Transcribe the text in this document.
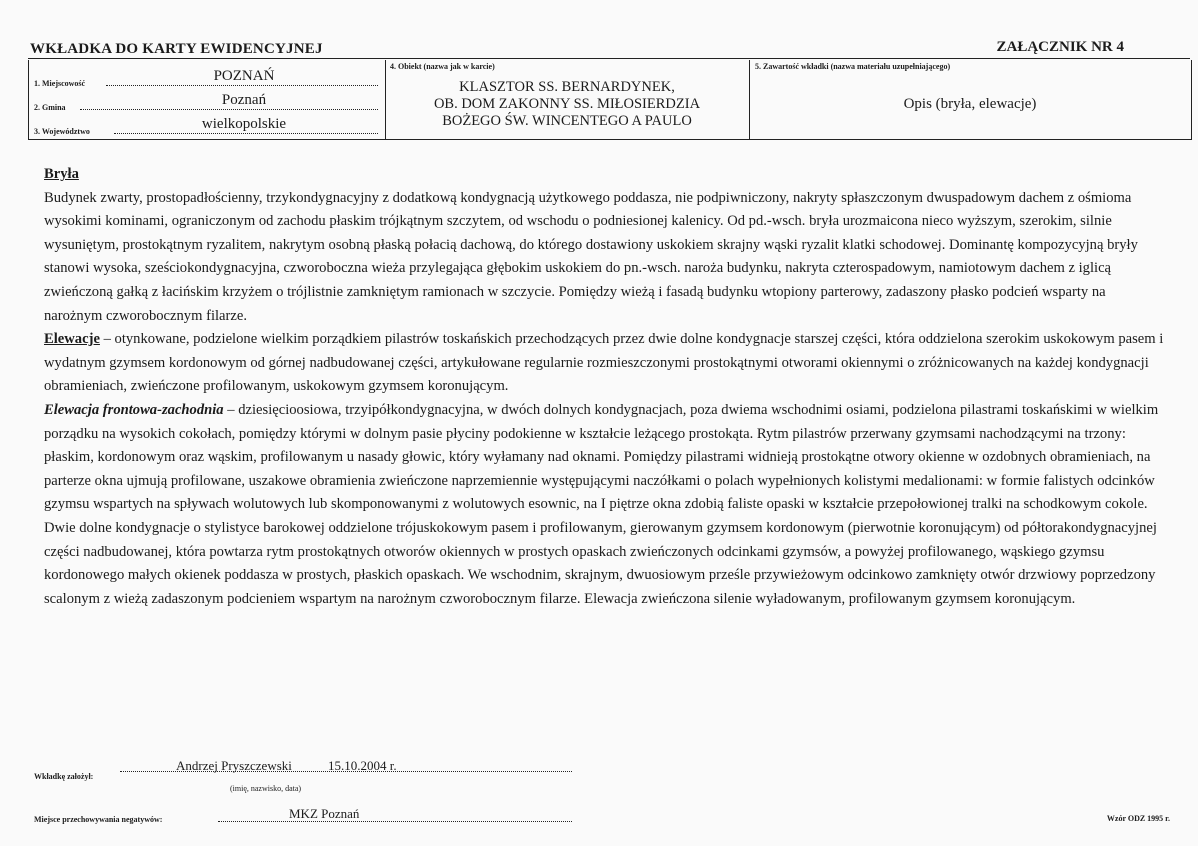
WKŁADKA DO KARTY EWIDENCYJNEJ	ZAŁĄCZNIK NR 4
1. Miejscowość	POZNAŃ
2. Gmina	Poznań
3. Województwo	wielkopolskie
4. Obiekt (nazwa jak w karcie)
KLASZTOR SS. BERNARDYNEK,
OB. DOM ZAKONNY SS. MIŁOSIERDZIA
BOŻEGO ŚW. WINCENTEGO A PAULO
5. Zawartość wkładki (nazwa materiału uzupełniającego)
Opis (bryła, elewacje)

Bryła

Budynek zwarty, prostopadłościenny, trzykondygnacyjny z dodatkową kondygnacją użytkowego poddasza, nie podpiwniczony, nakryty spłaszczonym dwuspadowym dachem z ośmioma wysokimi kominami, ograniczonym od zachodu płaskim trójkątnym szczytem, od wschodu o podniesionej kalenicy. Od pd.-wsch. bryła urozmaicona nieco wyższym, szerokim, silnie wysuniętym, prostokątnym ryzalitem, nakrytym osobną płaską połacią dachową, do którego dostawiony uskokiem skrajny wąski ryzalit klatki schodowej. Dominantę kompozycyjną bryły stanowi wysoka, sześciokondygnacyjna, czworoboczna wieża przylegająca głębokim uskokiem do pn.-wsch. naroża budynku, nakryta czterospadowym, namiotowym dachem z iglicą zwieńczoną gałką z łacińskim krzyżem o trójlistnie zamkniętym ramionach w szczycie. Pomiędzy wieżą i fasadą budynku wtopiony parterowy, zadaszony płasko podcień wsparty na narożnym czworobocznym filarze.

Elewacje – otynkowane, podzielone wielkim porządkiem pilastrów toskańskich przechodzących przez dwie dolne kondygnacje starszej części, która oddzielona szerokim uskokowym pasem i wydatnym gzymsem kordonowym od górnej nadbudowanej części, artykułowane regularnie rozmieszczonymi prostokątnymi otworami okiennymi o zróżnicowanych na każdej kondygnacji obramieniach, zwieńczone profilowanym, uskokowym gzymsem koronującym.

Elewacja frontowa-zachodnia – dziesięcioosiowa, trzyipółkondygnacyjna, w dwóch dolnych kondygnacjach, poza dwiema wschodnimi osiami, podzielona pilastrami toskańskimi w wielkim porządku na wysokich cokołach, pomiędzy którymi w dolnym pasie płyciny podokienne w kształcie leżącego prostokąta. Rytm pilastrów przerwany gzymsami nachodzącymi na trzony: płaskim, kordonowym oraz wąskim, profilowanym u nasady głowic, który wyłamany nad oknami. Pomiędzy pilastrami widnieją prostokątne otwory okienne w ozdobnych obramieniach, na parterze okna ujmują profilowane, uszakowe obramienia zwieńczone naprzemiennie występującymi naczółkami o polach wypełnionych kolistymi medalionami: w formie falistych odcinków gzymsu wspartych na spływach wolutowych lub skomponowanymi z wolutowych esownic, na I piętrze okna zdobią faliste opaski w kształcie przepołowionej tralki na schodkowym cokole. Dwie dolne kondygnacje o stylistyce barokowej oddzielone trójuskokowym pasem i profilowanym, gierowanym gzymsem kordonowym (pierwotnie koronującym) od półtorakondygnacyjnej części nadbudowanej, która powtarza rytm prostokątnych otworów okiennych w prostych opaskach zwieńczonych odcinkami gzymsów, a powyżej profilowanego, wąskiego gzymsu kordonowego małych okienek poddasza w prostych, płaskich opaskach. We wschodnim, skrajnym, dwuosiowym prześle przywieżowym odcinkowo zamknięty otwór drzwiowy poprzedzony scalonym z wieżą zadaszonym podcieniem wspartym na narożnym czworobocznym filarze. Elewacja zwieńczona silenie wyładowanym, profilowanym gzymsem koronującym.

Wkładkę założył:
Andrzej Pryszczewski	15.10.2004 r.
(imię, nazwisko, data)
Miejsce przechowywania negatywów:	MKZ Poznań	Wzór ODZ 1995 r.
